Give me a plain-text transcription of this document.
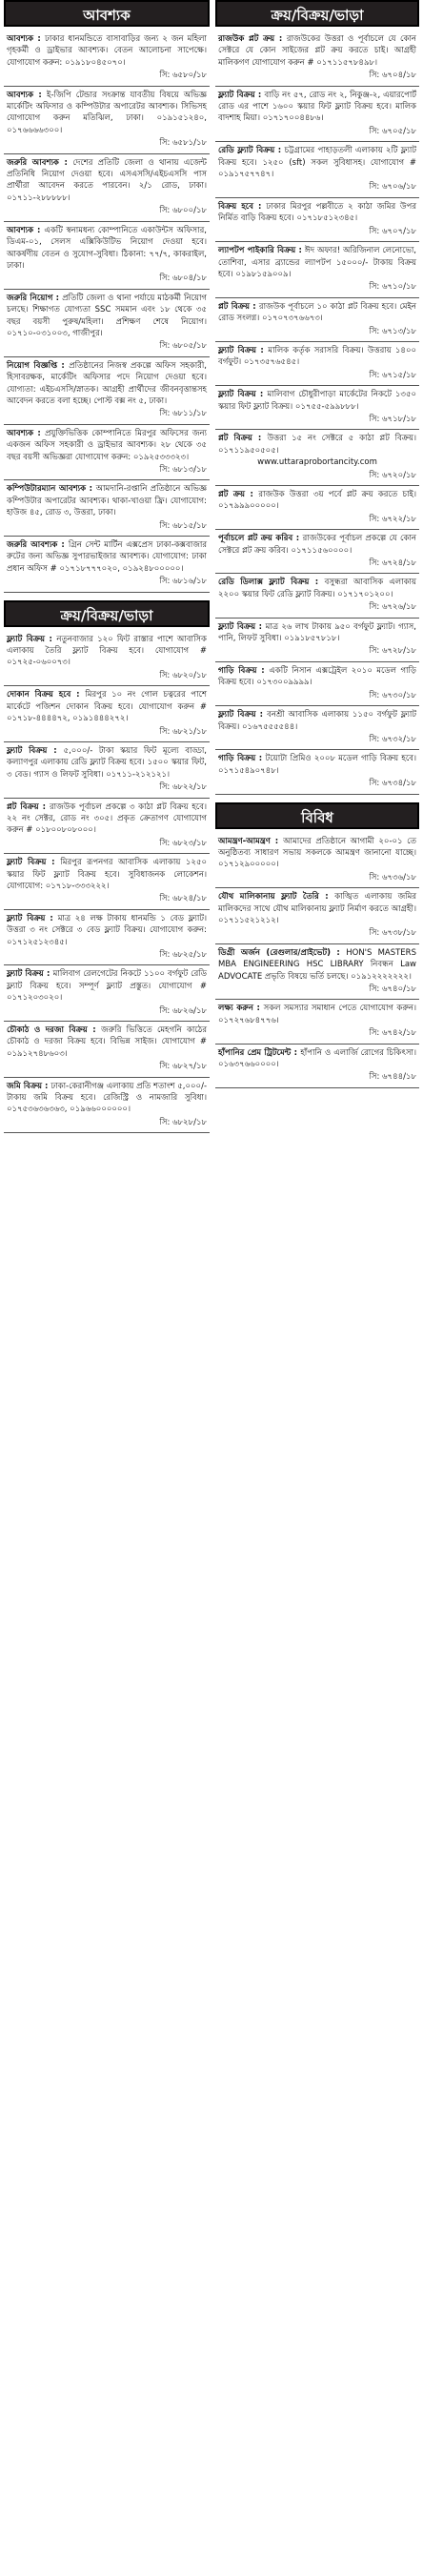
আবশ্যক
আবশ্যক : ঢাকার ধানমন্ডিতে বাসাবাড়ির জন্য ২ জন মহিলা গৃহকর্মী ও ড্রাইভার আবশ্যক। বেতন আলোচনা সাপেক্ষে। যোগাযোগ করুন: ০১৯১৮০৪৫০৭০।
সি: ৬৫৮০/১৮
আবশ্যক : ই-জিপি টেন্ডার সংক্রান্ত যাবতীয় বিষয়ে অভিজ্ঞ মার্কেটিং অফিসার ও কম্পিউটার অপারেটর আবশ্যক। সিভিসহ যোগাযোগ করুন মতিঝিল, ঢাকা। ০১৯১৫১২৪০, ০১৭৬৬৬৬৩০০।
সি: ৬৫৮১/১৮
জরুরি আবশ্যক : দেশের প্রতিটি জেলা ও থানায় এজেন্ট প্রতিনিধি নিয়োগ দেওয়া হবে। এসএসসি/এইচএসসি পাস প্রার্থীরা আবেদন করতে পারবেন। ২/১ রোড, ঢাকা। ০১৭১১-২৮৮৮৮৮।
সি: ৬৮০০/১৮
আবশ্যক : একটি স্বনামধন্য কোম্পানিতে একাউন্টস অফিসার, ডিএম-০১, সেলস এক্সিকিউটিভ নিয়োগ দেওয়া হবে। আকর্ষণীয় বেতন ও সুযোগ-সুবিধা। ঠিকানা: ৭৭/৭, কাকরাইল, ঢাকা।
সি: ৬৮০৪/১৮
জরুরি নিয়োগ : প্রতিটি জেলা ও থানা পর্যায়ে মাঠকর্মী নিয়োগ চলছে। শিক্ষাগত যোগ্যতা SSC সমমান এবং ১৮ থেকে ৩৫ বছর বয়সী পুরুষ/মহিলা। প্রশিক্ষণ শেষে নিয়োগ। ০১৭১০-০৩১০০৩, গাজীপুর।
সি: ৬৮০৫/১৮
নিয়োগ বিজ্ঞপ্তি : প্রতিষ্ঠানের নিজস্ব প্রকল্পে অফিস সহকারী, হিসাবরক্ষক, মার্কেটিং অফিসার পদে নিয়োগ দেওয়া হবে। যোগ্যতা: এইচএসসি/স্নাতক। আগ্রহী প্রার্থীদের জীবনবৃত্তান্তসহ আবেদন করতে বলা হচ্ছে। পোস্ট বক্স নং ৫, ঢাকা।
সি: ৬৮১১/১৮
আবশ্যক : প্রযুক্তিভিত্তিক কোম্পানিতে মিরপুর অফিসের জন্য একজন অফিস সহকারী ও ড্রাইভার আবশ্যক। ২৮ থেকে ৩৫ বছর বয়সী অভিজ্ঞরা যোগাযোগ করুন: ০১৯২৫৩৩৩২৩।
সি: ৬৮১৩/১৮
কম্পিউটারম্যান আবশ্যক : আমদানি-রপ্তানি প্রতিষ্ঠানে অভিজ্ঞ কম্পিউটার অপারেটর আবশ্যক। থাকা-খাওয়া ফ্রি। যোগাযোগ: হাউজ ৪৫, রোড ৩, উত্তরা, ঢাকা।
সি: ৬৮১৫/১৮
জরুরি আবশ্যক : গ্রিন সেন্ট মার্টিন এক্সপ্রেস ঢাকা-কক্সবাজার রুটের জন্য অভিজ্ঞ সুপারভাইজার আবশ্যক। যোগাযোগ: ঢাকা প্রধান অফিস # ০১৭১৮৭৭৭০২০, ০১৯২৪৮০০০০০।
সি: ৬৮১৬/১৮
ক্রয়/বিক্রয়/ভাড়া
ফ্ল্যাট বিক্রয় : নতুনবাজার ১২০ ফিট রাস্তার পাশে আবাসিক এলাকায় তৈরি ফ্ল্যাট বিক্রয় হবে। যোগাযোগ # ০১৭২৫-০৬০০৭৩।
সি: ৬৮২০/১৮
দোকান বিক্রয় হবে : মিরপুর ১০ নং গোল চত্বরের পাশে মার্কেটে পজিশন দোকান বিক্রয় হবে। যোগাযোগ করুন # ০১৭১৮-৪৪৪৪৭২, ০১৯১৪৪৪২৭২।
সি: ৬৮২১/১৮
ফ্ল্যাট বিক্রয় : ৫,০০০/- টাকা স্কয়ার ফিট মূল্যে বাড্ডা, কল্যাণপুর এলাকায় রেডি ফ্ল্যাট বিক্রয় হবে। ১৫০০ স্কয়ার ফিট, ৩ বেড। গ্যাস ও লিফট সুবিধা। ০১৭১১-২১২১২১।
সি: ৬৮২২/১৮
প্লট বিক্রয় : রাজউক পূর্বাচল প্রকল্পে ৩ কাঠা প্লট বিক্রয় হবে। ২২ নং সেক্টর, রোড নং ৩০৫। প্রকৃত ক্রেতাগণ যোগাযোগ করুন # ০১৮০০৮০৮০০০।
সি: ৬৮২৩/১৮
ফ্ল্যাট বিক্রয় : মিরপুর রূপনগর আবাসিক এলাকায় ১২৫০ স্কয়ার ফিট ফ্ল্যাট বিক্রয় হবে। সুবিধাজনক লোকেশন। যোগাযোগ: ০১৭১৮-৩৩৩২২২।
সি: ৬৮২৪/১৮
ফ্ল্যাট বিক্রয় : মাত্র ২৪ লক্ষ টাকায় ধানমন্ডি ১ বেড ফ্ল্যাট। উত্তরা ৩ নং সেক্টরে ৩ বেড ফ্ল্যাট বিক্রয়। যোগাযোগ করুন: ০১৭১২৫১২৩৪৫।
সি: ৬৮২৫/১৮
ফ্ল্যাট বিক্রয় : মালিবাগ রেলগেটের নিকটে ১১০০ বর্গফুট রেডি ফ্ল্যাট বিক্রয় হবে। সম্পূর্ণ ফ্ল্যাট প্রস্তুত। যোগাযোগ # ০১৭১২০৩০২০।
সি: ৬৮২৬/১৮
চৌকাঠ ও দরজা বিক্রয় : জরুরি ভিত্তিতে মেহগনি কাঠের চৌকাঠ ও দরজা বিক্রয় হবে। বিভিন্ন সাইজ। যোগাযোগ # ০১৯১২৭৪৮৬০৩।
সি: ৬৮২৭/১৮
জমি বিক্রয় : ঢাকা-কেরানীগঞ্জ এলাকায় প্রতি শতাংশ ৫,০০০/- টাকায় জমি বিক্রয় হবে। রেজিস্ট্রি ও নামজারি সুবিধা। ০১৭৫৩৬৩৬৩৬৩, ০১৯৬৬০০০০০০।
সি: ৬৮২৮/১৮
ক্রয়/বিক্রয়/ভাড়া
রাজউক প্লট ক্রয় : রাজউকের উত্তরা ও পূর্বাচলে যে কোন সেক্টরে যে কোন সাইজের প্লট ক্রয় করতে চাই। আগ্রহী মালিকগণ যোগাযোগ করুন # ০১৭১১৫৭৮৪৯৮।
সি: ৬৭০৪/১৮
ফ্ল্যাট বিক্রয় : বাড়ি নং ৫৭, রোড নং ২, নিকুঞ্জ-২, এয়ারপোর্ট রোড এর পাশে ১৬০০ স্কয়ার ফিট ফ্ল্যাট বিক্রয় হবে। মালিক বাদশাহ মিয়া। ০১৭১৭০০৪৪৮৬।
সি: ৬৭০৫/১৮
রেডি ফ্ল্যাট বিক্রয় : চট্টগ্রামের পাহাড়তলী এলাকায় ২টি ফ্ল্যাট বিক্রয় হবে। ১২৫০ (sft) সকল সুবিধাসহ। যোগাযোগ # ০১৯১৭৫৭৭৪৭।
সি: ৬৭০৬/১৮
বিক্রয় হবে : ঢাকার মিরপুর পল্লবীতে ২ কাঠা জমির উপর নির্মিত বাড়ি বিক্রয় হবে। ০১৭১৮৫১২৩৪৫।
সি: ৬৭০৭/১৮
ল্যাপটপ পাইকারি বিক্রয় : ঈদ অফার! অরিজিনাল লেনোভো, তোশিবা, এসার ব্র্যান্ডের ল্যাপটপ ১৫০০০/- টাকায় বিক্রয় হবে। ০১৯৮১৫৯০০৯।
সি: ৬৭১০/১৮
প্লট বিক্রয় : রাজউক পূর্বাচলে ১০ কাঠা প্লট বিক্রয় হবে। মেইন রোড সংলগ্ন। ০১৭০৭৩৭৬৬৭৩।
সি: ৬৭১৩/১৮
ফ্ল্যাট বিক্রয় : মালিক কর্তৃক সরাসরি বিক্রয়। উত্তরায় ১৪০০ বর্গফুট। ০১৭৩৫৭৬৫৪৫।
সি: ৬৭১৫/১৮
ফ্ল্যাট বিক্রয় : মালিবাগ চৌধুরীপাড়া মার্কেটের নিকটে ১৩৫০ স্কয়ার ফিট ফ্ল্যাট বিক্রয়। ০১৭৫৫-৫৯৯৮৮৮।
সি: ৬৭১৮/১৮
প্লট বিক্রয় : উত্তরা ১৫ নং সেক্টরে ৫ কাঠা প্লট বিক্রয়। ০১৭১১৯৫০৫০৫।
www.uttaraprobortancity.com
সি: ৬৭২০/১৮
প্লট ক্রয় : রাজউক উত্তরা ৩য় পর্বে প্লট ক্রয় করতে চাই। ০১৭৯৯৯০০০০০।
সি: ৬৭২২/১৮
পূর্বাচলে প্লট ক্রয় করিব : রাজউকের পূর্বাচল প্রকল্পে যে কোন সেক্টরে প্লট ক্রয় করিব। ০১৭১১৫৬০০০০।
সি: ৬৭২৪/১৮
রেডি ডিলাক্স ফ্ল্যাট বিক্রয় : বসুন্ধরা আবাসিক এলাকায় ২২০০ স্কয়ার ফিট রেডি ফ্ল্যাট বিক্রয়। ০১৭১৭০১২০০।
সি: ৬৭২৬/১৮
ফ্ল্যাট বিক্রয় : মাত্র ২৬ লাখ টাকায় ৯৫০ বর্গফুট ফ্ল্যাট। গ্যাস, পানি, লিফট সুবিধা। ০১৯১৮৫৭৮১৮।
সি: ৬৭২৮/১৮
গাড়ি বিক্রয় : একটি নিসান এক্সট্রেইল ২০১০ মডেল গাড়ি বিক্রয় হবে। ০১৭৩০০৯৯৯৯।
সি: ৬৭৩০/১৮
ফ্ল্যাট বিক্রয় : বনশ্রী আবাসিক এলাকায় ১১৫০ বর্গফুট ফ্ল্যাট বিক্রয়। ০১৬৭৫৫৫৫৪৪।
সি: ৬৭৩২/১৮
গাড়ি বিক্রয় : টয়োটা প্রিমিও ২০০৮ মডেল গাড়ি বিক্রয় হবে। ০১৭১৫৪৯০৭৪৮।
সি: ৬৭৩৪/১৮
বিবিধ
আমন্ত্রণ-আমন্ত্রণ : আমাদের প্রতিষ্ঠানে আগামী ২০-০১ তে অনুষ্ঠিতব্য সাধারণ সভায় সকলকে আমন্ত্রণ জানানো যাচ্ছে। ০১৭১২৯০০০০০।
সি: ৬৭৩৬/১৮
যৌথ মালিকানায় ফ্ল্যাট তৈরি : কাঙ্খিত এলাকায় জমির মালিকদের সাথে যৌথ মালিকানায় ফ্ল্যাট নির্মাণ করতে আগ্রহী। ০১৭১১৫২১২১২।
সি: ৬৭৩৮/১৮
ডিগ্রী অর্জন (রেগুলার/প্রাইভেট) : HON'S MASTERS MBA ENGINEERING HSC LIBRARY নিবন্ধন Law ADVOCATE প্রভৃতি বিষয়ে ভর্তি চলছে। ০১৯১২২২২২২২।
সি: ৬৭৪০/১৮
লক্ষ্য করুন : সকল সমস্যার সমাধান পেতে যোগাযোগ করুন। ০১৭২৭৬৮৪৭৭৬।
সি: ৬৭৪২/১৮
হাঁপানির প্রেম ট্রিটমেন্ট : হাঁপানি ও এলার্জি রোগের চিকিৎসা। ০১৬৩৭৬৬০০০০।
সি: ৬৭৪৪/১৮
